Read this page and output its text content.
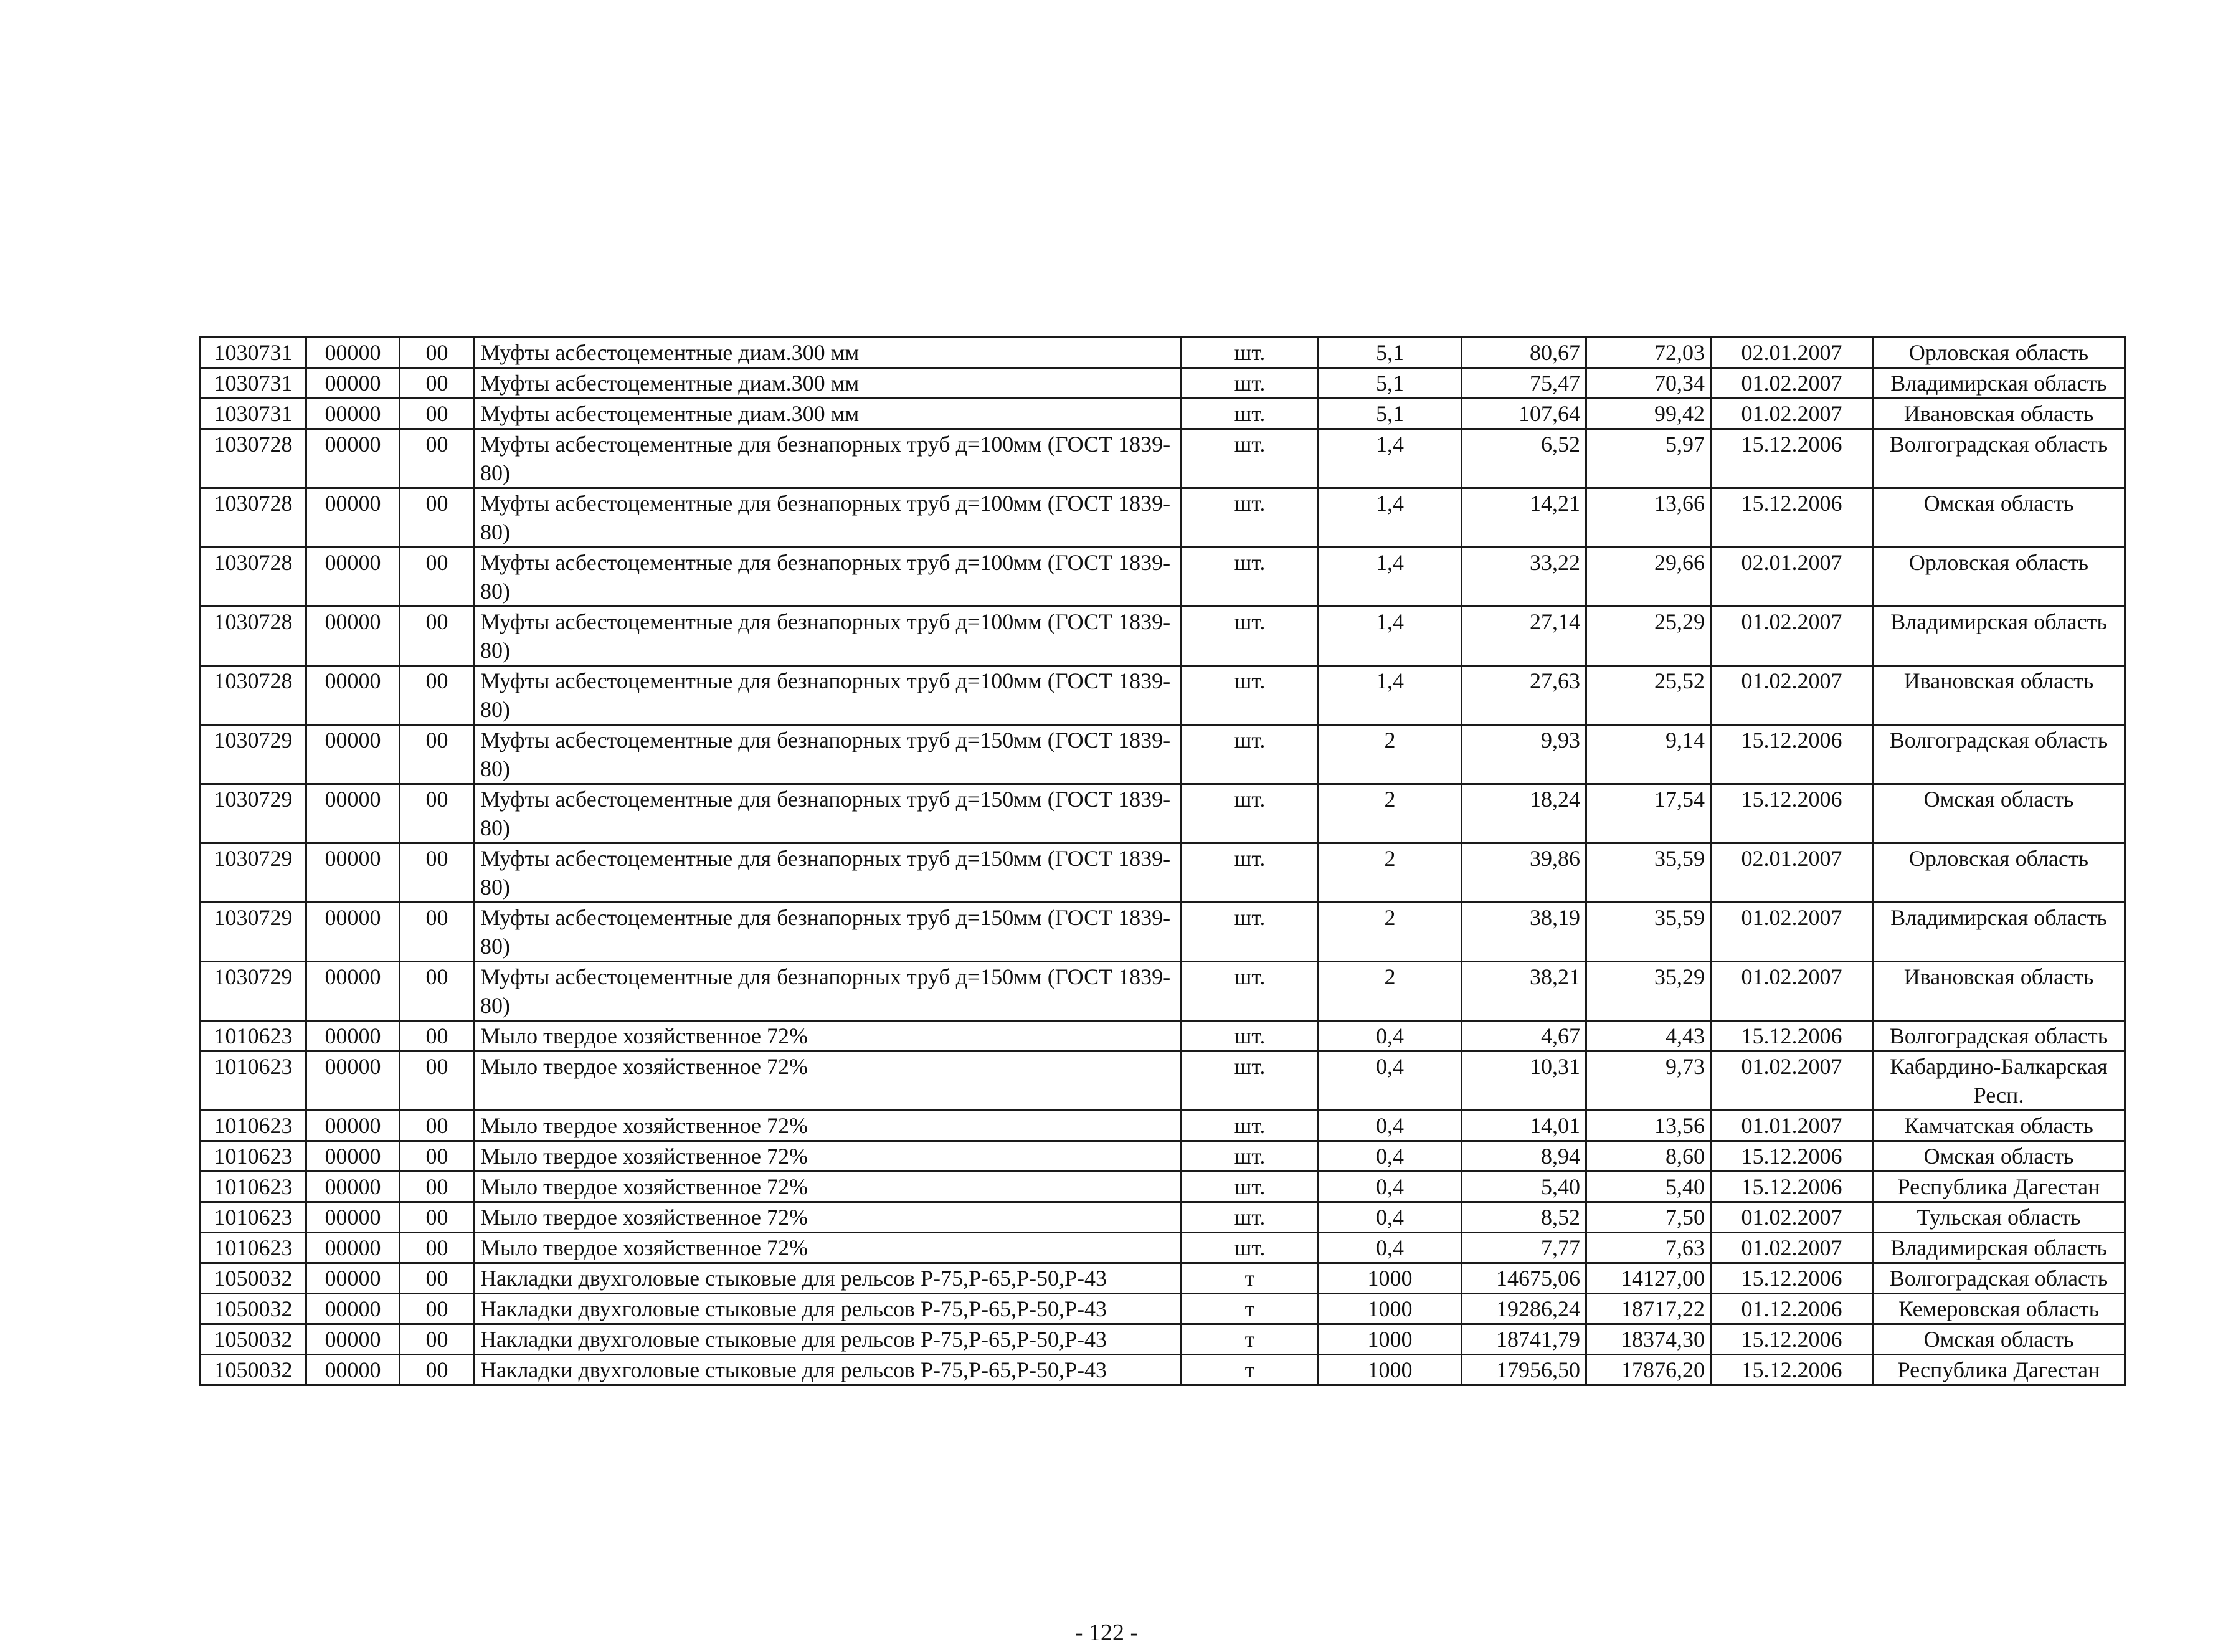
1030731	00000	00	Муфты асбестоцементные диам.300 мм	шт.	5,1	80,67	72,03	02.01.2007	Орловская область
1030731	00000	00	Муфты асбестоцементные диам.300 мм	шт.	5,1	75,47	70,34	01.02.2007	Владимирская область
1030731	00000	00	Муфты асбестоцементные диам.300 мм	шт.	5,1	107,64	99,42	01.02.2007	Ивановская область
1030728	00000	00	Муфты асбестоцементные для безнапорных труб д=100мм (ГОСТ 1839-80)	шт.	1,4	6,52	5,97	15.12.2006	Волгоградская область
1030728	00000	00	Муфты асбестоцементные для безнапорных труб д=100мм (ГОСТ 1839-80)	шт.	1,4	14,21	13,66	15.12.2006	Омская область
1030728	00000	00	Муфты асбестоцементные для безнапорных труб д=100мм (ГОСТ 1839-80)	шт.	1,4	33,22	29,66	02.01.2007	Орловская область
1030728	00000	00	Муфты асбестоцементные для безнапорных труб д=100мм (ГОСТ 1839-80)	шт.	1,4	27,14	25,29	01.02.2007	Владимирская область
1030728	00000	00	Муфты асбестоцементные для безнапорных труб д=100мм (ГОСТ 1839-80)	шт.	1,4	27,63	25,52	01.02.2007	Ивановская область
1030729	00000	00	Муфты асбестоцементные для безнапорных труб д=150мм (ГОСТ 1839-80)	шт.	2	9,93	9,14	15.12.2006	Волгоградская область
1030729	00000	00	Муфты асбестоцементные для безнапорных труб д=150мм (ГОСТ 1839-80)	шт.	2	18,24	17,54	15.12.2006	Омская область
1030729	00000	00	Муфты асбестоцементные для безнапорных труб д=150мм (ГОСТ 1839-80)	шт.	2	39,86	35,59	02.01.2007	Орловская область
1030729	00000	00	Муфты асбестоцементные для безнапорных труб д=150мм (ГОСТ 1839-80)	шт.	2	38,19	35,59	01.02.2007	Владимирская область
1030729	00000	00	Муфты асбестоцементные для безнапорных труб д=150мм (ГОСТ 1839-80)	шт.	2	38,21	35,29	01.02.2007	Ивановская область
1010623	00000	00	Мыло твердое хозяйственное 72%	шт.	0,4	4,67	4,43	15.12.2006	Волгоградская область
1010623	00000	00	Мыло твердое хозяйственное 72%	шт.	0,4	10,31	9,73	01.02.2007	Кабардино-Балкарская Респ.
1010623	00000	00	Мыло твердое хозяйственное 72%	шт.	0,4	14,01	13,56	01.01.2007	Камчатская область
1010623	00000	00	Мыло твердое хозяйственное 72%	шт.	0,4	8,94	8,60	15.12.2006	Омская область
1010623	00000	00	Мыло твердое хозяйственное 72%	шт.	0,4	5,40	5,40	15.12.2006	Республика Дагестан
1010623	00000	00	Мыло твердое хозяйственное 72%	шт.	0,4	8,52	7,50	01.02.2007	Тульская область
1010623	00000	00	Мыло твердое хозяйственное 72%	шт.	0,4	7,77	7,63	01.02.2007	Владимирская область
1050032	00000	00	Накладки двухголовые стыковые для рельсов Р-75,Р-65,Р-50,Р-43	т	1000	14675,06	14127,00	15.12.2006	Волгоградская область
1050032	00000	00	Накладки двухголовые стыковые для рельсов Р-75,Р-65,Р-50,Р-43	т	1000	19286,24	18717,22	01.12.2006	Кемеровская область
1050032	00000	00	Накладки двухголовые стыковые для рельсов Р-75,Р-65,Р-50,Р-43	т	1000	18741,79	18374,30	15.12.2006	Омская область
1050032	00000	00	Накладки двухголовые стыковые для рельсов Р-75,Р-65,Р-50,Р-43	т	1000	17956,50	17876,20	15.12.2006	Республика Дагестан
- 122 -
